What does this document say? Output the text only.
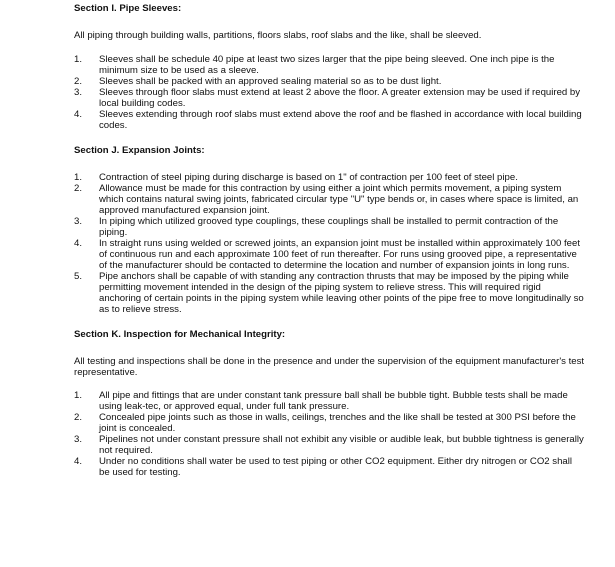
Section I. Pipe Sleeves:

All piping through building walls, partitions, floors slabs, roof slabs and the like, shall be sleeved.

1.	Sleeves shall be schedule 40 pipe at least two sizes larger that the pipe being sleeved. One inch pipe is the minimum size to be used as a sleeve.
2.	Sleeves shall be packed with an approved sealing material so as to be dust light.
3.	Sleeves through floor slabs must extend at least 2 above the floor. A greater extension may be used if required by local building codes.
4.	Sleeves extending through roof slabs must extend above the roof and be flashed in accordance with local building codes.

Section J. Expansion Joints:

1.	Contraction of steel piping during discharge is based on 1" of contraction per 100 feet of steel pipe.
2.	Allowance must be made for this contraction by using either a joint which permits movement, a piping system which contains natural swing joints, fabricated circular type "U" type bends or, in cases where space is limited, an approved manufactured expansion joint.
3.	In piping which utilized grooved type couplings, these couplings shall be installed to permit contraction of the piping.
4.	In straight runs using welded or screwed joints, an expansion joint must be installed within approximately 100 feet of continuous run and each approximate 100 feet of run thereafter. For runs using grooved pipe, a representative of the manufacturer should be contacted to determine the location and number of expansion joints in long runs.
5.	Pipe anchors shall be capable of with standing any contraction thrusts that may be imposed by the piping while permitting movement intended in the design of the piping system to relieve stress. This will required rigid anchoring of certain points in the piping system while leaving other points of the pipe free to move longitudinally so as to relieve stress.

Section K. Inspection for Mechanical Integrity:

All testing and inspections shall be done in the presence and under the supervision of the equipment manufacturer's test representative.

1.	All pipe and fittings that are under constant tank pressure ball shall be bubble tight. Bubble tests shall be made using leak-tec, or approved equal, under full tank pressure.
2.	Concealed pipe joints such as those in walls, ceilings, trenches and the like shall be tested at 300 PSI before the joint is concealed.
3.	Pipelines not under constant pressure shall not exhibit any visible or audible leak, but bubble tightness is generally not required.
4.	Under no conditions shall water be used to test piping or other CO2 equipment. Either dry nitrogen or CO2 shall be used for testing.
